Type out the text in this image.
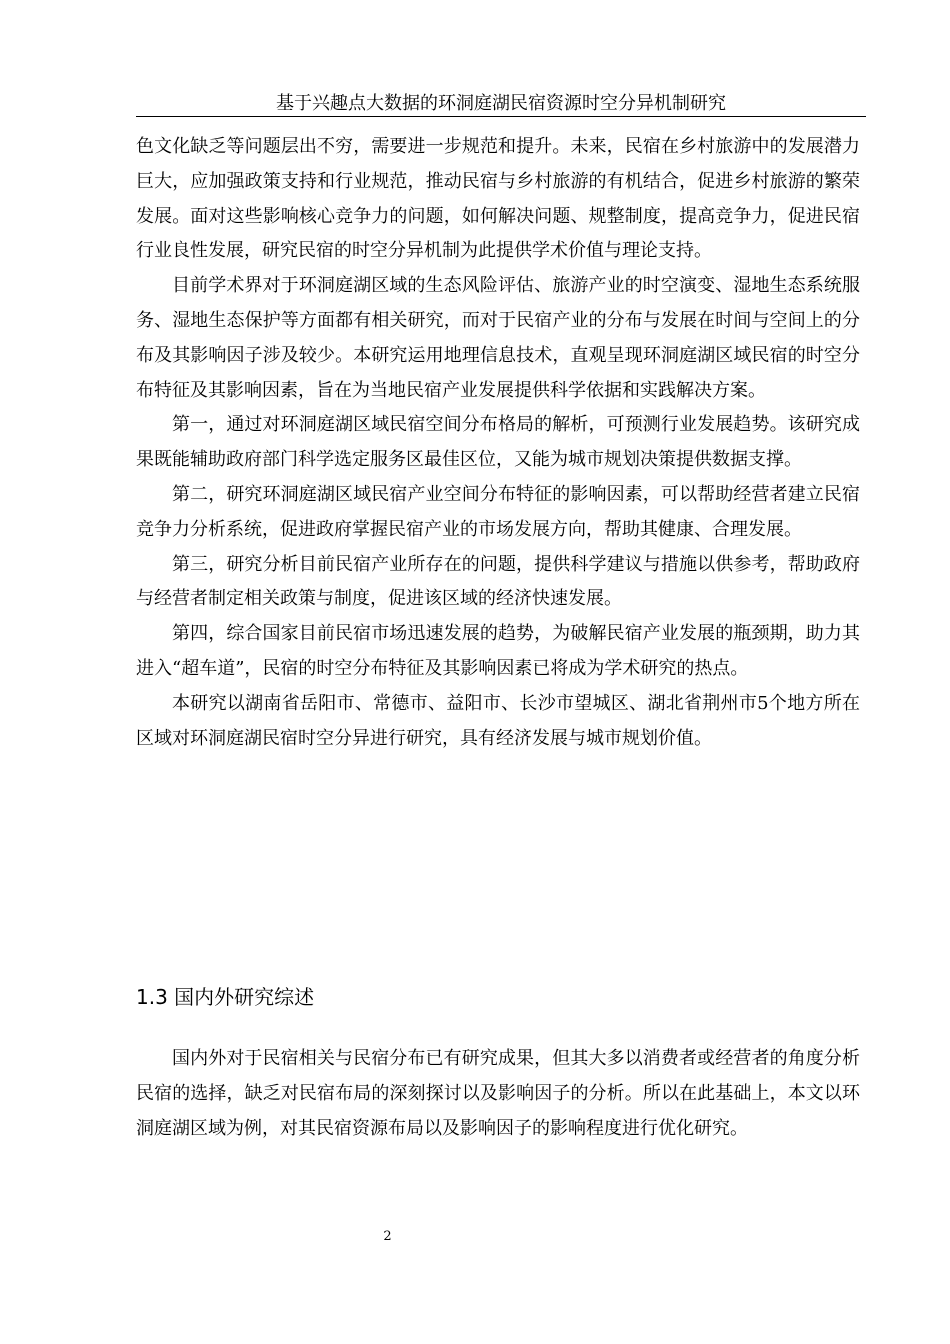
基于兴趣点大数据的环洞庭湖民宿资源时空分异机制研究

色文化缺乏等问题层出不穷，需要进一步规范和提升。未来，民宿在乡村旅游中的发展潜力巨大，应加强政策支持和行业规范，推动民宿与乡村旅游的有机结合，促进乡村旅游的繁荣发展。面对这些影响核心竞争力的问题，如何解决问题、规整制度，提高竞争力，促进民宿行业良性发展，研究民宿的时空分异机制为此提供学术价值与理论支持。

目前学术界对于环洞庭湖区域的生态风险评估、旅游产业的时空演变、湿地生态系统服务、湿地生态保护等方面都有相关研究，而对于民宿产业的分布与发展在时间与空间上的分布及其影响因子涉及较少。本研究运用地理信息技术，直观呈现环洞庭湖区域民宿的时空分布特征及其影响因素，旨在为当地民宿产业发展提供科学依据和实践解决方案。

第一，通过对环洞庭湖区域民宿空间分布格局的解析，可预测行业发展趋势。该研究成果既能辅助政府部门科学选定服务区最佳区位，又能为城市规划决策提供数据支撑。

第二，研究环洞庭湖区域民宿产业空间分布特征的影响因素，可以帮助经营者建立民宿竞争力分析系统，促进政府掌握民宿产业的市场发展方向，帮助其健康、合理发展。

第三，研究分析目前民宿产业所存在的问题，提供科学建议与措施以供参考，帮助政府与经营者制定相关政策与制度，促进该区域的经济快速发展。

第四，综合国家目前民宿市场迅速发展的趋势，为破解民宿产业发展的瓶颈期，助力其进入“超车道”，民宿的时空分布特征及其影响因素已将成为学术研究的热点。

本研究以湖南省岳阳市、常德市、益阳市、长沙市望城区、湖北省荆州市5个地方所在区域对环洞庭湖民宿时空分异进行研究，具有经济发展与城市规划价值。

1.3 国内外研究综述

国内外对于民宿相关与民宿分布已有研究成果，但其大多以消费者或经营者的角度分析民宿的选择，缺乏对民宿布局的深刻探讨以及影响因子的分析。所以在此基础上，本文以环洞庭湖区域为例，对其民宿资源布局以及影响因子的影响程度进行优化研究。

2
